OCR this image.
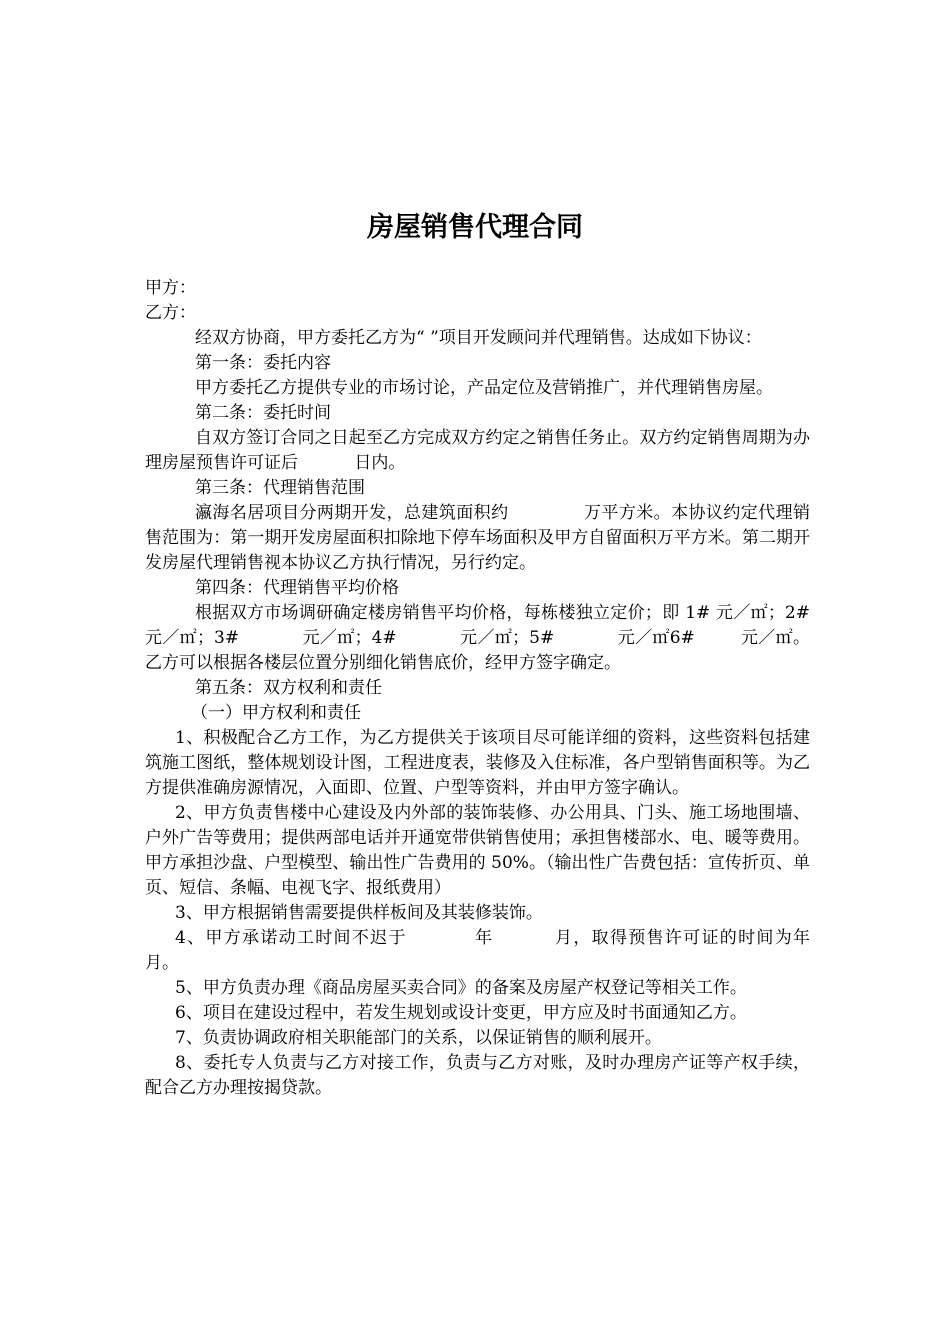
房屋销售代理合同

甲方：

乙方：

经双方协商，甲方委托乙方为“ ”项目开发顾问并代理销售。达成如下协议：

第一条：委托内容

甲方委托乙方提供专业的市场讨论，产品定位及营销推广，并代理销售房屋。

第二条：委托时间

自双方签订合同之日起至乙方完成双方约定之销售任务止。双方约定销售周期为办理房屋预售许可证后 　　　日内。

第三条：代理销售范围

瀛海名居项目分两期开发，总建筑面积约 　　　　万平方米。本协议约定代理销售范围为：第一期开发房屋面积扣除地下停车场面积及甲方自留面积万平方米。第二期开发房屋代理销售视本协议乙方执行情况，另行约定。

第四条：代理销售平均价格

根据双方市场调研确定楼房销售平均价格，每栋楼独立定价；即 1# 元／㎡；2# 　　　 元／㎡；3# 　　　 元／㎡；4# 　　　 元／㎡；5# 　　　 元／㎡6# 　　 元／㎡。乙方可以根据各楼层位置分别细化销售底价，经甲方签字确定。

第五条：双方权利和责任

（一）甲方权利和责任

1、积极配合乙方工作，为乙方提供关于该项目尽可能详细的资料，这些资料包括建筑施工图纸，整体规划设计图，工程进度表，装修及入住标准，各户型销售面积等。为乙方提供准确房源情况，入面即、位置、户型等资料，并由甲方签字确认。

2、甲方负责售楼中心建设及内外部的装饰装修、办公用具、门头、施工场地围墙、户外广告等费用；提供两部电话并开通宽带供销售使用；承担售楼部水、电、暖等费用。甲方承担沙盘、户型模型、输出性广告费用的 50%。（输出性广告费包括：宣传折页、单页、短信、条幅、电视飞字、报纸费用）

3、甲方根据销售需要提供样板间及其装修装饰。

4、甲方承诺动工时间不迟于 　　　 年 　　　月，取得预售许可证的时间为年 　　 月。

5、甲方负责办理《商品房屋买卖合同》的备案及房屋产权登记等相关工作。

6、项目在建设过程中，若发生规划或设计变更，甲方应及时书面通知乙方。

7、负责协调政府相关职能部门的关系，以保证销售的顺利展开。

8、委托专人负责与乙方对接工作，负责与乙方对账，及时办理房产证等产权手续，配合乙方办理按揭贷款。
